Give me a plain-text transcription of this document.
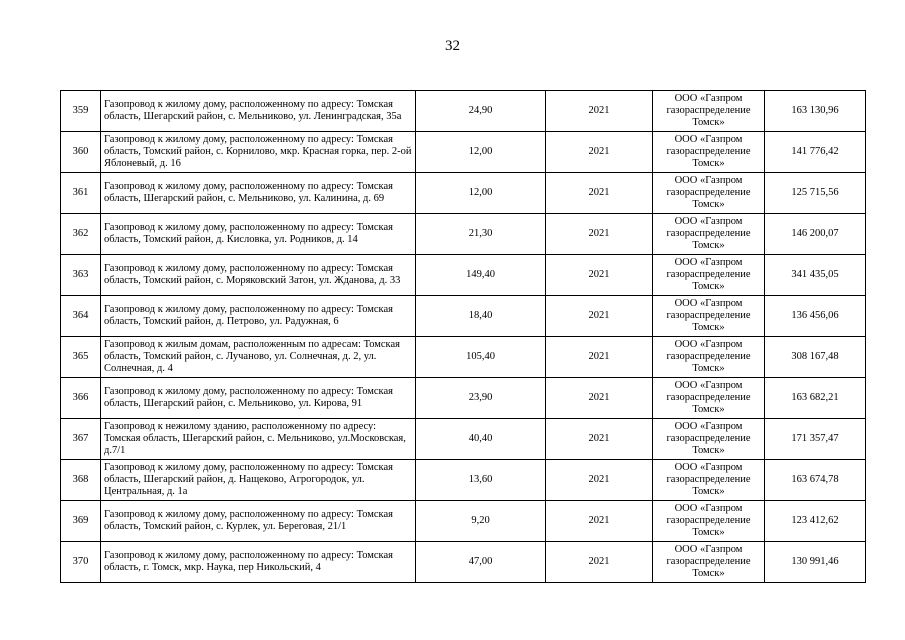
32
359	Газопровод к жилому дому, расположенному по адресу: Томская область, Шегарский район, с. Мельниково, ул. Ленинградская, 35а	24,90	2021	ООО «Газпром газораспределение Томск»	163 130,96
360	Газопровод к жилому дому, расположенному по адресу: Томская область, Томский район, с. Корнилово, мкр. Красная горка, пер. 2-ой Яблоневый, д. 16	12,00	2021	ООО «Газпром газораспределение Томск»	141 776,42
361	Газопровод к жилому дому, расположенному по адресу: Томская область, Шегарский район, с. Мельниково, ул. Калинина, д. 69	12,00	2021	ООО «Газпром газораспределение Томск»	125 715,56
362	Газопровод к жилому дому, расположенному по адресу: Томская область, Томский район, д. Кисловка, ул. Родников, д. 14	21,30	2021	ООО «Газпром газораспределение Томск»	146 200,07
363	Газопровод к жилому дому, расположенному по адресу: Томская область, Томский район, с. Моряковский Затон, ул. Жданова, д. 33	149,40	2021	ООО «Газпром газораспределение Томск»	341 435,05
364	Газопровод к жилому дому, расположенному по адресу: Томская область, Томский район, д. Петрово, ул. Радужная, 6	18,40	2021	ООО «Газпром газораспределение Томск»	136 456,06
365	Газопровод к жилым домам, расположенным по адресам: Томская область, Томский район, с. Лучаново, ул. Солнечная, д. 2, ул. Солнечная, д. 4	105,40	2021	ООО «Газпром газораспределение Томск»	308 167,48
366	Газопровод к жилому дому, расположенному по адресу: Томская область, Шегарский район, с. Мельниково, ул. Кирова, 91	23,90	2021	ООО «Газпром газораспределение Томск»	163 682,21
367	Газопровод к нежилому зданию, расположенному по адресу: Томская область, Шегарский район, с. Мельниково, ул.Московская, д.7/1	40,40	2021	ООО «Газпром газораспределение Томск»	171 357,47
368	Газопровод к жилому дому, расположенному по адресу: Томская область, Шегарский район, д. Нащеково, Агрогородок, ул. Центральная, д. 1а	13,60	2021	ООО «Газпром газораспределение Томск»	163 674,78
369	Газопровод к жилому дому, расположенному по адресу: Томская область, Томский район, с. Курлек, ул. Береговая, 21/1	9,20	2021	ООО «Газпром газораспределение Томск»	123 412,62
370	Газопровод к жилому дому, расположенному по адресу: Томская область, г. Томск, мкр. Наука, пер Никольский, 4	47,00	2021	ООО «Газпром газораспределение Томск»	130 991,46
